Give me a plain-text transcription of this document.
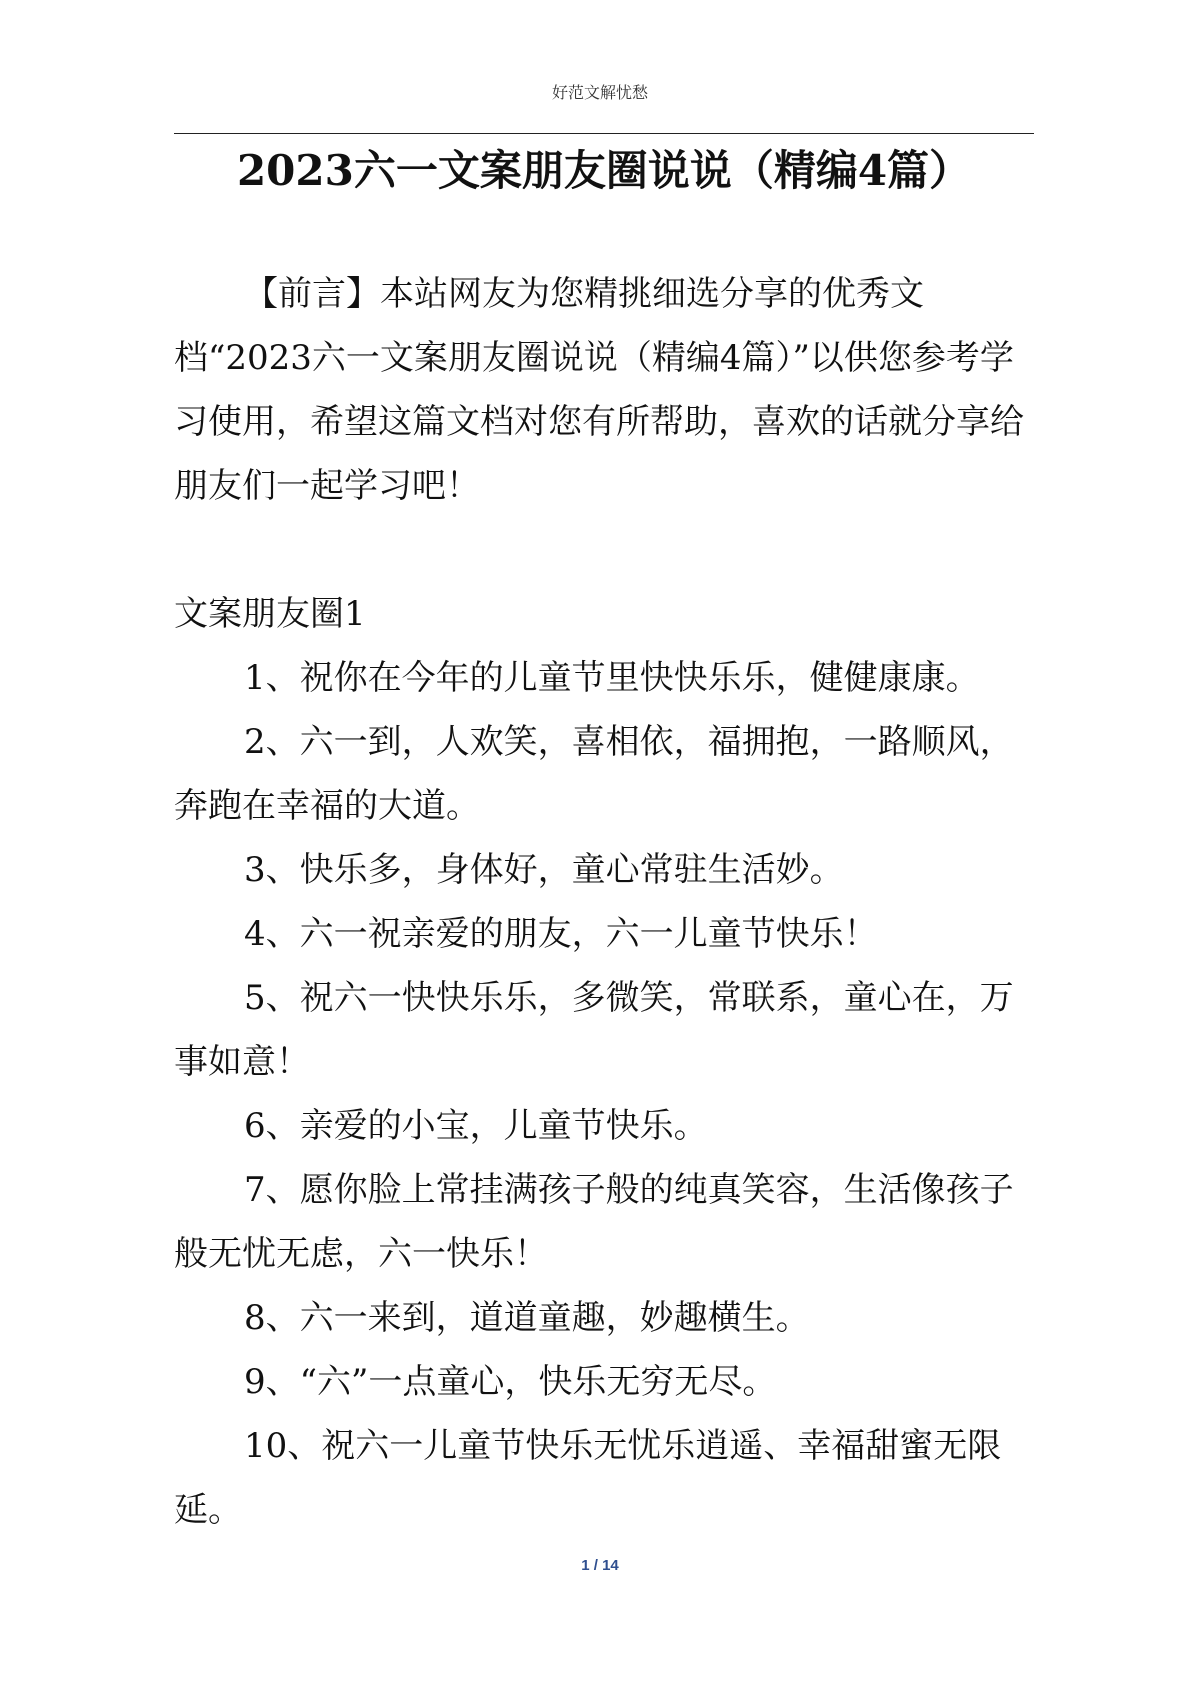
好范文解忧愁
2023六一文案朋友圈说说（精编4篇）

【前言】本站网友为您精挑细选分享的优秀文档“2023六一文案朋友圈说说（精编4篇）”以供您参考学习使用，希望这篇文档对您有所帮助，喜欢的话就分享给朋友们一起学习吧！

文案朋友圈1

1、祝你在今年的儿童节里快快乐乐，健健康康。

2、六一到，人欢笑，喜相依，福拥抱，一路顺风，奔跑在幸福的大道。

3、快乐多，身体好，童心常驻生活妙。

4、六一祝亲爱的朋友，六一儿童节快乐！

5、祝六一快快乐乐，多微笑，常联系，童心在，万事如意！

6、亲爱的小宝，儿童节快乐。

7、愿你脸上常挂满孩子般的纯真笑容，生活像孩子般无忧无虑，六一快乐！

8、六一来到，道道童趣，妙趣横生。

9、“六”一点童心，快乐无穷无尽。

10、祝六一儿童节快乐无忧乐逍遥、幸福甜蜜无限延。

1 / 14
